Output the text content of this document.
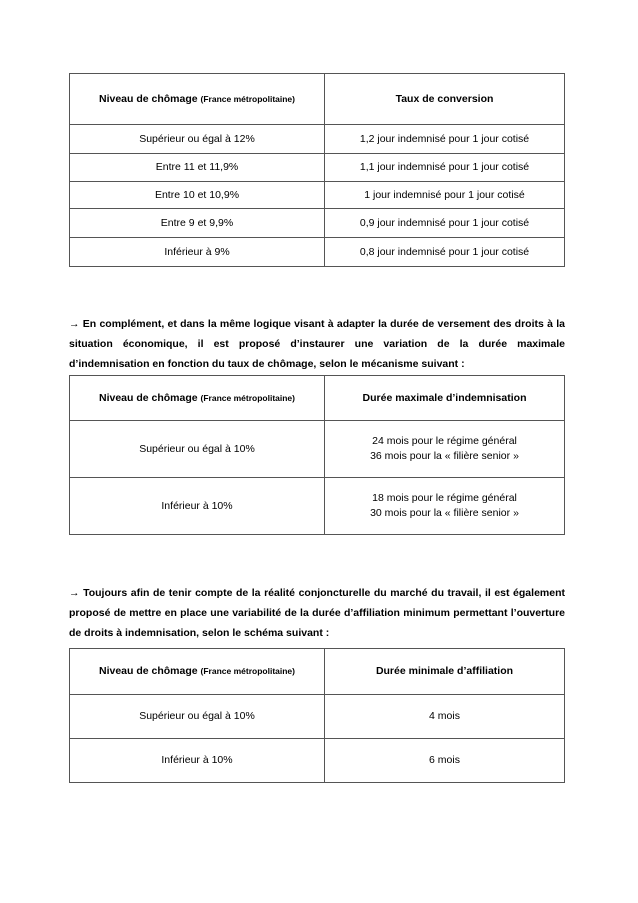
Niveau de chômage (France métropolitaine)	Taux de conversion
Supérieur ou égal à 12%	1,2 jour indemnisé pour 1 jour cotisé
Entre 11 et 11,9%	1,1 jour indemnisé pour 1 jour cotisé
Entre 10 et 10,9%	1 jour indemnisé pour 1 jour cotisé
Entre 9 et 9,9%	0,9 jour indemnisé pour 1 jour cotisé
Inférieur à 9%	0,8 jour indemnisé pour 1 jour cotisé

→ En complément, et dans la même logique visant à adapter la durée de versement des droits à la situation économique, il est proposé d’instaurer une variation de la durée maximale d’indemnisation en fonction du taux de chômage, selon le mécanisme suivant :

Niveau de chômage (France métropolitaine)	Durée maximale d’indemnisation
Supérieur ou égal à 10%	24 mois pour le régime général
36 mois pour la « filière senior »

Inférieur à 10%	18 mois pour le régime général
30 mois pour la « filière senior »

→ Toujours afin de tenir compte de la réalité conjoncturelle du marché du travail, il est également proposé de mettre en place une variabilité de la durée d’affiliation minimum permettant l’ouverture de droits à indemnisation, selon le schéma suivant :

Niveau de chômage (France métropolitaine)	Durée minimale d’affiliation
Supérieur ou égal à 10%	4 mois
Inférieur à 10%	6 mois
